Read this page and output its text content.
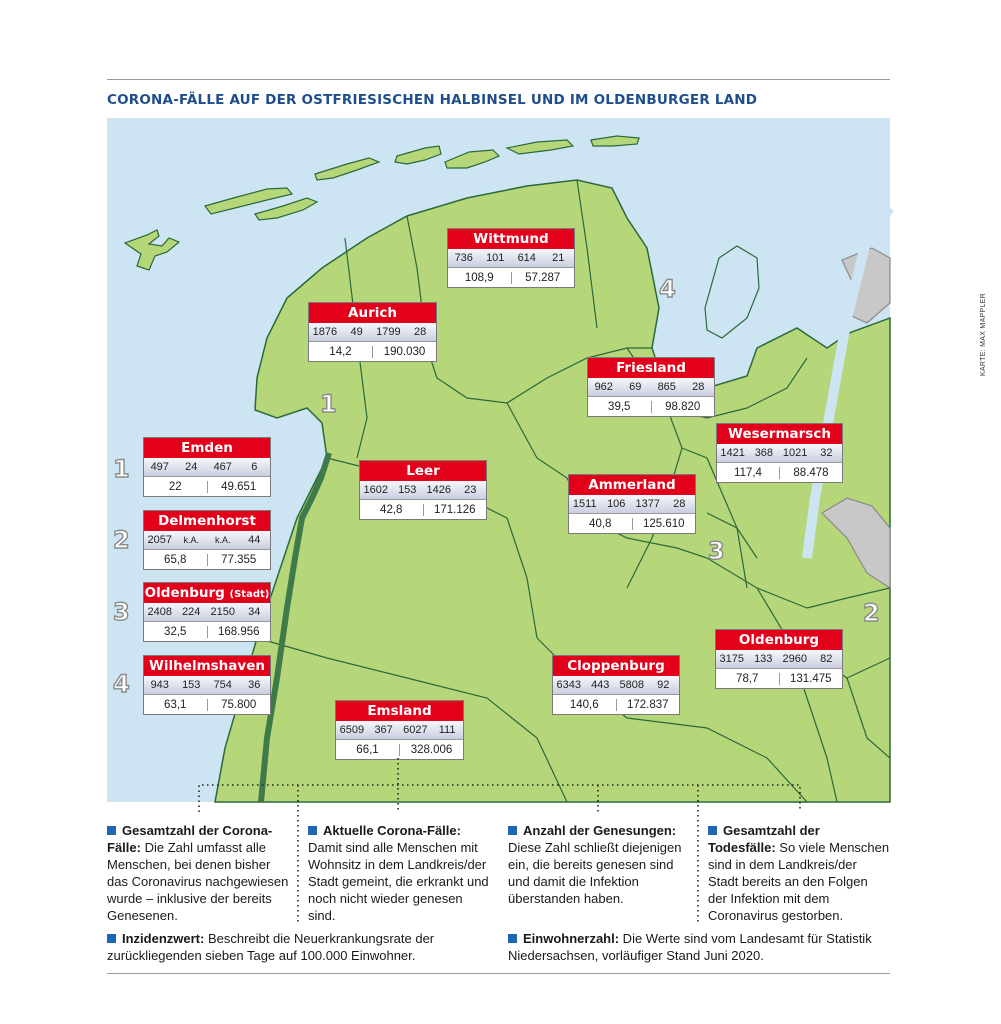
CORONA-FÄLLE AUF DER OSTFRIESISCHEN HALBINSEL UND IM OLDENBURGER LAND
KARTE: MAX MAPPLER
1
4
3
2
1
2
3
4
Wittmund
736	101	614	21
108,9	57.287
Aurich
1876	49	1799	28
14,2	190.030
Friesland
962	69	865	28
39,5	98.820
Wesermarsch
1421 368 1021	32
117,4	88.478
Emden
497	24	467	6
22	49.651
Leer
1602 153 1426	23
42,8	171.126
Ammerland
1511 106 1377	28
40,8	125.610
Delmenhorst
2057	k.A.	k.A.	44
65,8	77.355
Oldenburg (Stadt)
2408 224 2150	34
32,5	168.956
Oldenburg
3175 133 2960	82
78,7	131.475
Wilhelmshaven
943	153	754	36
63,1	75.800
Cloppenburg
6343 443 5808	92
140,6	172.837
Emsland
6509 367 6027	111
66,1	328.006
Gesamtzahl der Corona-Fälle: Die Zahl umfasst alle Menschen, bei denen bisher das Coronavirus nachgewiesen wurde – inklusive der bereits Genesenen.
Aktuelle Corona-Fälle: Damit sind alle Menschen mit Wohnsitz in dem Landkreis/der Stadt gemeint, die erkrankt und noch nicht wieder genesen sind.
Anzahl der Genesungen: Diese Zahl schließt diejenigen ein, die bereits genesen sind und damit die Infektion überstanden haben.
Gesamtzahl der Todesfälle: So viele Menschen sind in dem Landkreis/der Stadt bereits an den Folgen der Infektion mit dem Coronavirus gestorben.
Inzidenzwert: Beschreibt die Neuerkrankungsrate der zurückliegenden sieben Tage auf 100.000 Einwohner.
Einwohnerzahl: Die Werte sind vom Landesamt für Statistik Niedersachsen, vorläufiger Stand Juni 2020.
